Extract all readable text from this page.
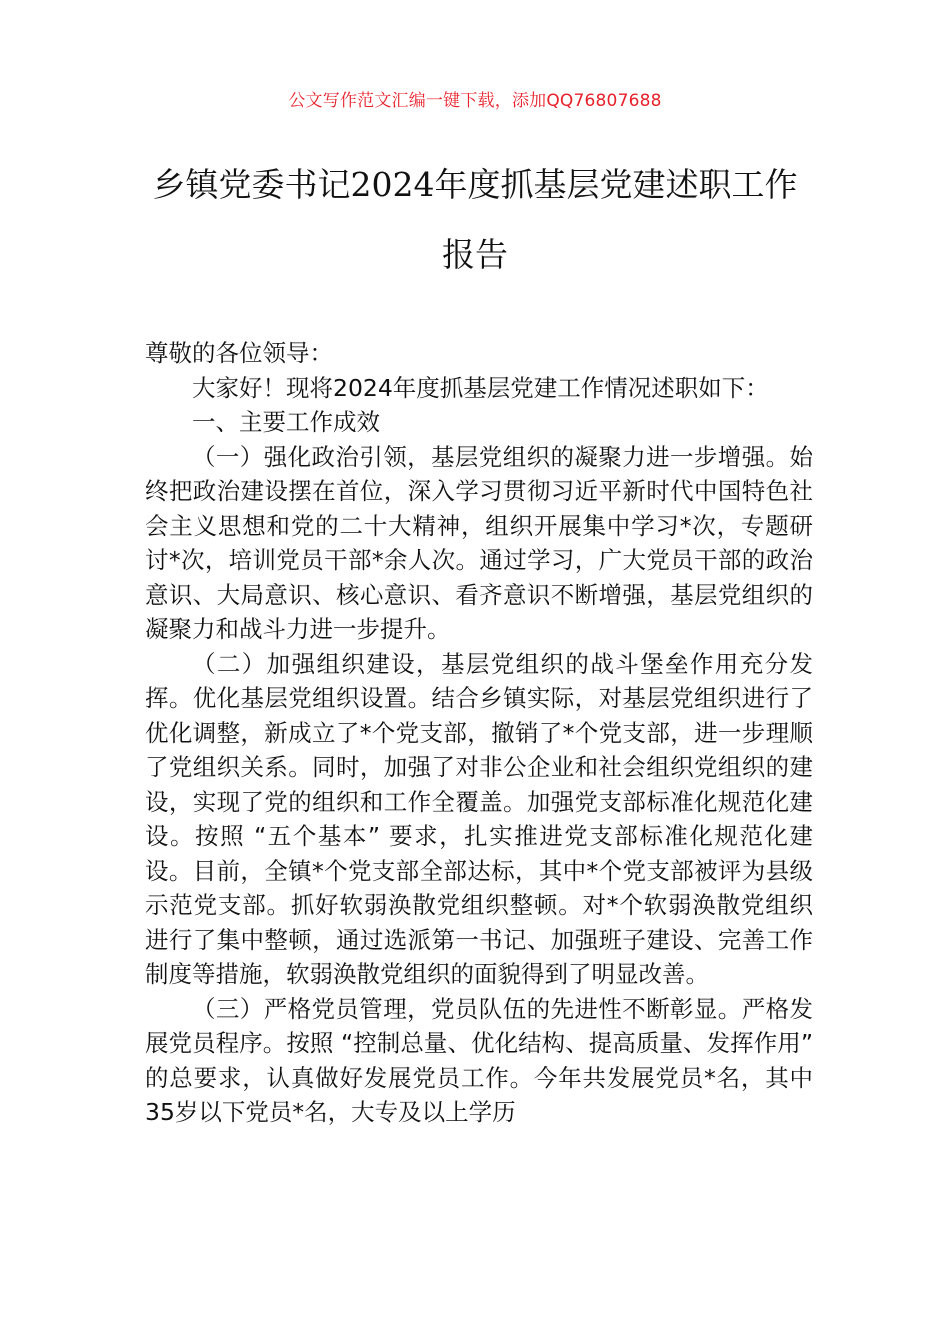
公文写作范文汇编一键下载，添加QQ76807688
乡镇党委书记2024年度抓基层党建述职工作报告

尊敬的各位领导：

大家好！现将2024年度抓基层党建工作情况述职如下：

一、主要工作成效

（一）强化政治引领，基层党组织的凝聚力进一步增强。始终把政治建设摆在首位，深入学习贯彻习近平新时代中国特色社会主义思想和党的二十大精神，组织开展集中学习*次，专题研讨*次，培训党员干部*余人次。通过学习，广大党员干部的政治意识、大局意识、核心意识、看齐意识不断增强，基层党组织的凝聚力和战斗力进一步提升。

（二）加强组织建设，基层党组织的战斗堡垒作用充分发挥。优化基层党组织设置。结合乡镇实际，对基层党组织进行了优化调整，新成立了*个党支部，撤销了*个党支部，进一步理顺了党组织关系。同时，加强了对非公企业和社会组织党组织的建设，实现了党的组织和工作全覆盖。加强党支部标准化规范化建设。按照 “五个基本” 要求，扎实推进党支部标准化规范化建设。目前，全镇*个党支部全部达标，其中*个党支部被评为县级示范党支部。抓好软弱涣散党组织整顿。对*个软弱涣散党组织进行了集中整顿，通过选派第一书记、加强班子建设、完善工作制度等措施，软弱涣散党组织的面貌得到了明显改善。

（三）严格党员管理，党员队伍的先进性不断彰显。严格发展党员程序。按照 “控制总量、优化结构、提高质量、发挥作用” 的总要求，认真做好发展党员工作。今年共发展党员*名，其中35岁以下党员*名，大专及以上学历
